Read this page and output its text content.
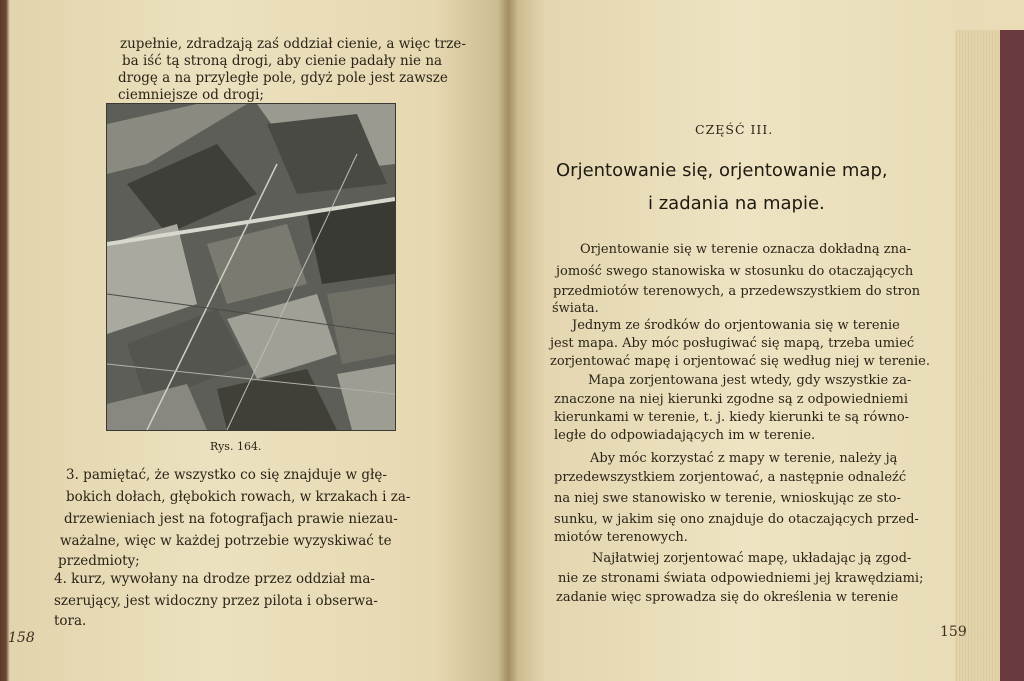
zupełnie, zdradzają zaś oddział cienie, a więc trze-
ba iść tą stroną drogi, aby cienie padały nie na
drogę a na przyległe pole, gdyż pole jest zawsze
ciemniejsze od drogi;
Rys. 164.
3. pamiętać, że wszystko co się znajduje w głę-
bokich dołach, głębokich rowach, w krzakach i za-
drzewieniach jest na fotografjach prawie niezau-
ważalne, więc w każdej potrzebie wyzyskiwać te
przedmioty;
4. kurz, wywołany na drodze przez oddział ma-
szerujący, jest widoczny przez pilota i obserwa-
tora.
158
CZĘŚĆ III.
Orjentowanie się, orjentowanie map,
i zadania na mapie.
Orjentowanie się w terenie oznacza dokładną zna-
jomość swego stanowiska w stosunku do otaczających
przedmiotów terenowych, a przedewszystkiem do stron
świata.
Jednym ze środków do orjentowania się w terenie
jest mapa. Aby móc posługiwać się mapą, trzeba umieć
zorjentować mapę i orjentować się według niej w terenie.
Mapa zorjentowana jest wtedy, gdy wszystkie za-
znaczone na niej kierunki zgodne są z odpowiedniemi
kierunkami w terenie, t. j. kiedy kierunki te są równo-
ległe do odpowiadających im w terenie.
Aby móc korzystać z mapy w terenie, należy ją
przedewszystkiem zorjentować, a następnie odnaleźć
na niej swe stanowisko w terenie, wnioskując ze sto-
sunku, w jakim się ono znajduje do otaczających przed-
miotów terenowych.
Najłatwiej zorjentować mapę, układając ją zgod-
nie ze stronami świata odpowiedniemi jej krawędziami;
zadanie więc sprowadza się do określenia w terenie
159
